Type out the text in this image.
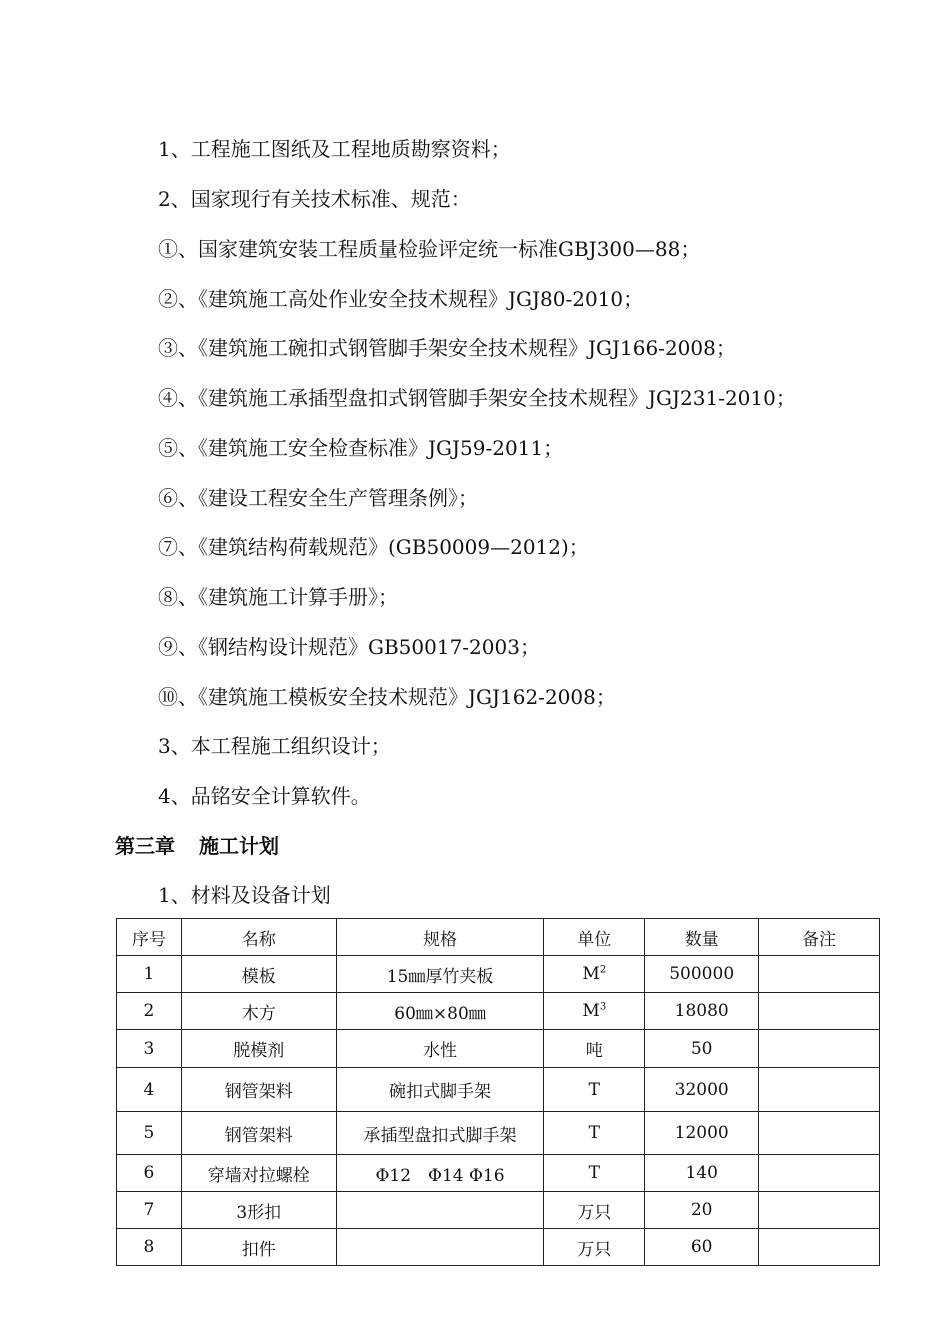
1、工程施工图纸及工程地质勘察资料；
2、国家现行有关技术标准、规范：
①、国家建筑安装工程质量检验评定统一标准GBJ300—88；
②、《建筑施工高处作业安全技术规程》JGJ80-2010；
③、《建筑施工碗扣式钢管脚手架安全技术规程》JGJ166-2008；
④、《建筑施工承插型盘扣式钢管脚手架安全技术规程》JGJ231-2010；
⑤、《建筑施工安全检查标准》JGJ59-2011；
⑥、《建设工程安全生产管理条例》；
⑦、《建筑结构荷载规范》(GB50009—2012)；
⑧、《建筑施工计算手册》；
⑨、《钢结构设计规范》GB50017-2003；
⑩、《建筑施工模板安全技术规范》JGJ162-2008；
3、本工程施工组织设计；
4、品铭安全计算软件。
第三章 施工计划
1、材料及设备计划
序号	名称	规格	单位	数量	备注
1	模板	15㎜厚竹夹板	$M^2$	500000	
2	木方	60㎜×80㎜	$M^3$	18080	
3	脱模剂	水性	吨	50	
4	钢管架料	碗扣式脚手架	T	32000	
5	钢管架料	承插型盘扣式脚手架	T	12000	
6	穿墙对拉螺栓	Φ12　Φ14 Φ16	T	140	
7	3形扣		万只	20	
8	扣件		万只	60	
